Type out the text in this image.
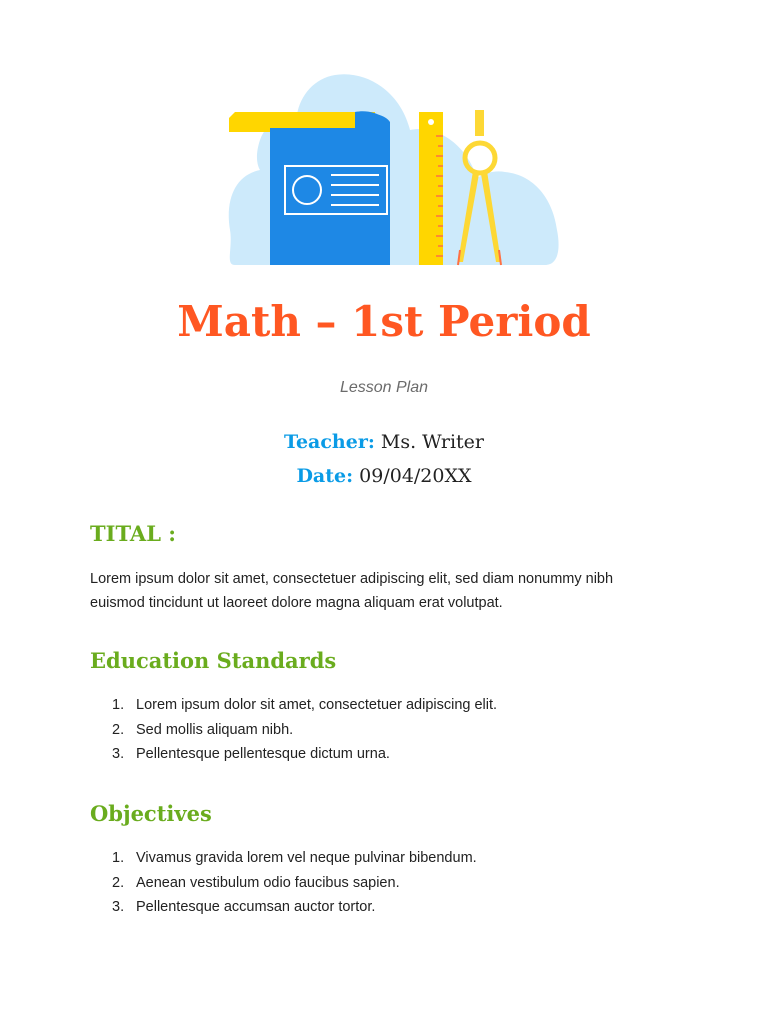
Math – 1st Period

Lesson Plan

Teacher: Ms. Writer

Date: 09/04/20XX

TITAL :

Lorem ipsum dolor sit amet, consectetuer adipiscing elit, sed diam nonummy nibh euismod tincidunt ut laoreet dolore magna aliquam erat volutpat.

Education Standards
1. Lorem ipsum dolor sit amet, consectetuer adipiscing elit.
2. Sed mollis aliquam nibh.
3. Pellentesque pellentesque dictum urna.
Objectives
1. Vivamus gravida lorem vel neque pulvinar bibendum.
2. Aenean vestibulum odio faucibus sapien.
3. Pellentesque accumsan auctor tortor.
